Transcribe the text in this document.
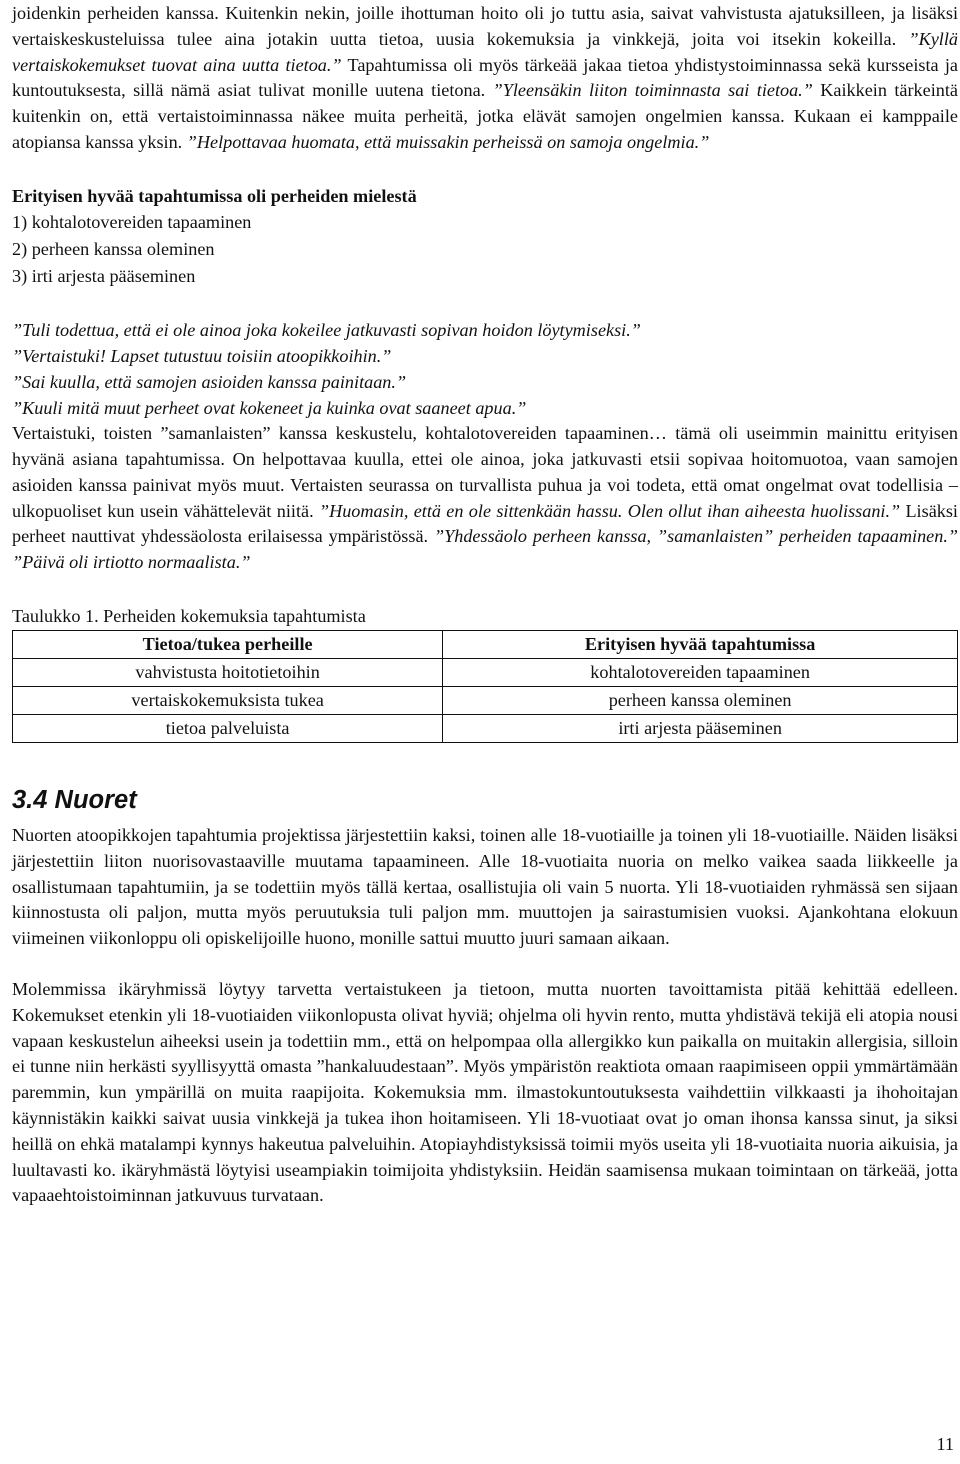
joidenkin perheiden kanssa. Kuitenkin nekin, joille ihottuman hoito oli jo tuttu asia, saivat vahvistusta ajatuksilleen, ja lisäksi vertaiskeskusteluissa tulee aina jotakin uutta tietoa, uusia kokemuksia ja vinkkejä, joita voi itsekin kokeilla. ”Kyllä vertaiskokemukset tuovat aina uutta tietoa.” Tapahtumissa oli myös tärkeää jakaa tietoa yhdistystoiminnassa sekä kursseista ja kuntoutuksesta, sillä nämä asiat tulivat monille uutena tietona. ”Yleensäkin liiton toiminnasta sai tietoa.” Kaikkein tärkeintä kuitenkin on, että vertaistoiminnassa näkee muita perheitä, jotka elävät samojen ongelmien kanssa. Kukaan ei kamppaile atopiansa kanssa yksin. ”Helpottavaa huomata, että muissakin perheissä on samoja ongelmia.”

Erityisen hyvää tapahtumissa oli perheiden mielestä
1) kohtalotovereiden tapaaminen
2) perheen kanssa oleminen
3) irti arjesta pääseminen
”Tuli todettua, että ei ole ainoa joka kokeilee jatkuvasti sopivan hoidon löytymiseksi.”
”Vertaistuki! Lapset tutustuu toisiin atoopikkoihin.”
”Sai kuulla, että samojen asioiden kanssa painitaan.”
”Kuuli mitä muut perheet ovat kokeneet ja kuinka ovat saaneet apua.”

Vertaistuki, toisten ”samanlaisten” kanssa keskustelu, kohtalotovereiden tapaaminen… tämä oli useimmin mainittu erityisen hyvänä asiana tapahtumissa. On helpottavaa kuulla, ettei ole ainoa, joka jatkuvasti etsii sopivaa hoitomuotoa, vaan samojen asioiden kanssa painivat myös muut. Vertaisten seurassa on turvallista puhua ja voi todeta, että omat ongelmat ovat todellisia – ulkopuoliset kun usein vähättelevät niitä. ”Huomasin, että en ole sittenkään hassu. Olen ollut ihan aiheesta huolissani.” Lisäksi perheet nauttivat yhdessäolosta erilaisessa ympäristössä. ”Yhdessäolo perheen kanssa, ”samanlaisten” perheiden tapaaminen.” ”Päivä oli irtiotto normaalista.”

Taulukko 1. Perheiden kokemuksia tapahtumista
Tietoa/tukea perheille	Erityisen hyvää tapahtumissa
vahvistusta hoitotietoihin	kohtalotovereiden tapaaminen
vertaiskokemuksista tukea	perheen kanssa oleminen
tietoa palveluista	irti arjesta pääseminen
3.4 Nuoret

Nuorten atoopikkojen tapahtumia projektissa järjestettiin kaksi, toinen alle 18-vuotiaille ja toinen yli 18-vuotiaille. Näiden lisäksi järjestettiin liiton nuorisovastaaville muutama tapaamineen. Alle 18-vuotiaita nuoria on melko vaikea saada liikkeelle ja osallistumaan tapahtumiin, ja se todettiin myös tällä kertaa, osallistujia oli vain 5 nuorta. Yli 18-vuotiaiden ryhmässä sen sijaan kiinnostusta oli paljon, mutta myös peruutuksia tuli paljon mm. muuttojen ja sairastumisien vuoksi. Ajankohtana elokuun viimeinen viikonloppu oli opiskelijoille huono, monille sattui muutto juuri samaan aikaan.

Molemmissa ikäryhmissä löytyy tarvetta vertaistukeen ja tietoon, mutta nuorten tavoittamista pitää kehittää edelleen. Kokemukset etenkin yli 18-vuotiaiden viikonlopusta olivat hyviä; ohjelma oli hyvin rento, mutta yhdistävä tekijä eli atopia nousi vapaan keskustelun aiheeksi usein ja todettiin mm., että on helpompaa olla allergikko kun paikalla on muitakin allergisia, silloin ei tunne niin herkästi syyllisyyttä omasta ”hankaluudestaan”. Myös ympäristön reaktiota omaan raapimiseen oppii ymmärtämään paremmin, kun ympärillä on muita raapijoita. Kokemuksia mm. ilmastokuntoutuksesta vaihdettiin vilkkaasti ja ihohoitajan käynnistäkin kaikki saivat uusia vinkkejä ja tukea ihon hoitamiseen. Yli 18-vuotiaat ovat jo oman ihonsa kanssa sinut, ja siksi heillä on ehkä matalampi kynnys hakeutua palveluihin. Atopiayhdistyksissä toimii myös useita yli 18-vuotiaita nuoria aikuisia, ja luultavasti ko. ikäryhmästä löytyisi useampiakin toimijoita yhdistyksiin. Heidän saamisensa mukaan toimintaan on tärkeää, jotta vapaaehtoistoiminnan jatkuvuus turvataan.

11
